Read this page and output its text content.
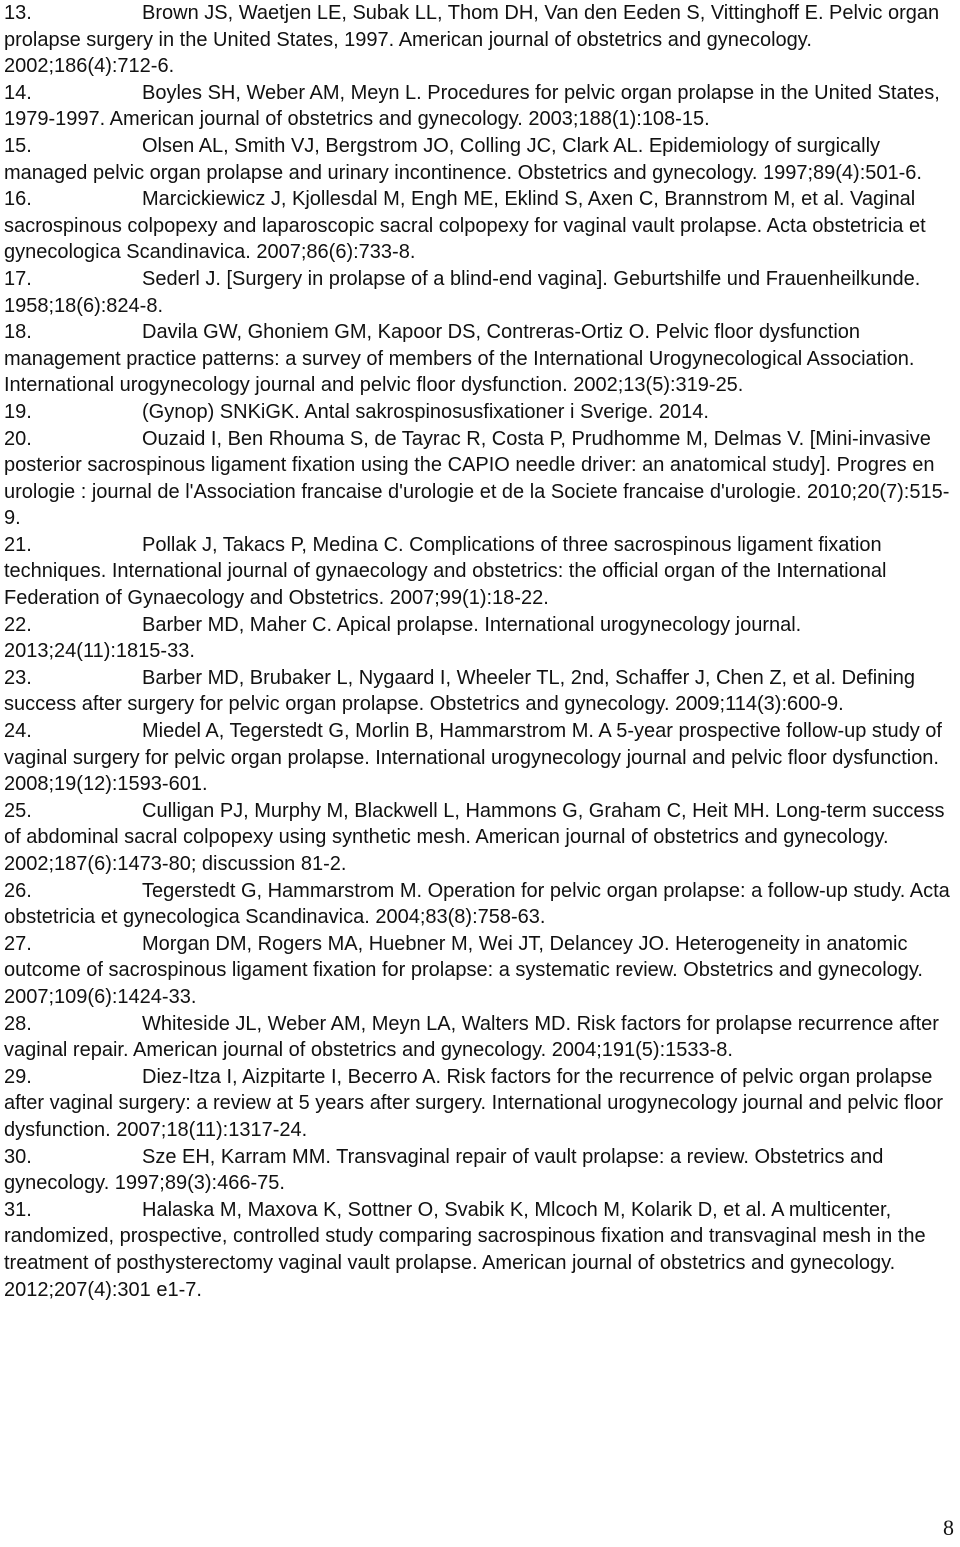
13.	Brown JS, Waetjen LE, Subak LL, Thom DH, Van den Eeden S, Vittinghoff E. Pelvic organ prolapse surgery in the United States, 1997. American journal of obstetrics and gynecology. 2002;186(4):712-6.

14.	Boyles SH, Weber AM, Meyn L. Procedures for pelvic organ prolapse in the United States, 1979-1997. American journal of obstetrics and gynecology. 2003;188(1):108-15.

15.	Olsen AL, Smith VJ, Bergstrom JO, Colling JC, Clark AL. Epidemiology of surgically managed pelvic organ prolapse and urinary incontinence. Obstetrics and gynecology. 1997;89(4):501-6.

16.	Marcickiewicz J, Kjollesdal M, Engh ME, Eklind S, Axen C, Brannstrom M, et al. Vaginal sacrospinous colpopexy and laparoscopic sacral colpopexy for vaginal vault prolapse. Acta obstetricia et gynecologica Scandinavica. 2007;86(6):733-8.

17.	Sederl J. [Surgery in prolapse of a blind-end vagina]. Geburtshilfe und Frauenheilkunde. 1958;18(6):824-8.

18.	Davila GW, Ghoniem GM, Kapoor DS, Contreras-Ortiz O. Pelvic floor dysfunction management practice patterns: a survey of members of the International Urogynecological Association. International urogynecology journal and pelvic floor dysfunction. 2002;13(5):319-25.

19.	(Gynop) SNKiGK. Antal sakrospinosusfixationer i Sverige. 2014.

20.	Ouzaid I, Ben Rhouma S, de Tayrac R, Costa P, Prudhomme M, Delmas V. [Mini-invasive posterior sacrospinous ligament fixation using the CAPIO needle driver: an anatomical study]. Progres en urologie : journal de l'Association francaise d'urologie et de la Societe francaise d'urologie. 2010;20(7):515-9.

21.	Pollak J, Takacs P, Medina C. Complications of three sacrospinous ligament fixation techniques. International journal of gynaecology and obstetrics: the official organ of the International Federation of Gynaecology and Obstetrics. 2007;99(1):18-22.

22.	Barber MD, Maher C. Apical prolapse. International urogynecology journal. 2013;24(11):1815-33.

23.	Barber MD, Brubaker L, Nygaard I, Wheeler TL, 2nd, Schaffer J, Chen Z, et al. Defining success after surgery for pelvic organ prolapse. Obstetrics and gynecology. 2009;114(3):600-9.

24.	Miedel A, Tegerstedt G, Morlin B, Hammarstrom M. A 5-year prospective follow-up study of vaginal surgery for pelvic organ prolapse. International urogynecology journal and pelvic floor dysfunction. 2008;19(12):1593-601.

25.	Culligan PJ, Murphy M, Blackwell L, Hammons G, Graham C, Heit MH. Long-term success of abdominal sacral colpopexy using synthetic mesh. American journal of obstetrics and gynecology. 2002;187(6):1473-80; discussion 81-2.

26.	Tegerstedt G, Hammarstrom M. Operation for pelvic organ prolapse: a follow-up study. Acta obstetricia et gynecologica Scandinavica. 2004;83(8):758-63.

27.	Morgan DM, Rogers MA, Huebner M, Wei JT, Delancey JO. Heterogeneity in anatomic outcome of sacrospinous ligament fixation for prolapse: a systematic review. Obstetrics and gynecology. 2007;109(6):1424-33.

28.	Whiteside JL, Weber AM, Meyn LA, Walters MD. Risk factors for prolapse recurrence after vaginal repair. American journal of obstetrics and gynecology. 2004;191(5):1533-8.

29.	Diez-Itza I, Aizpitarte I, Becerro A. Risk factors for the recurrence of pelvic organ prolapse after vaginal surgery: a review at 5 years after surgery. International urogynecology journal and pelvic floor dysfunction. 2007;18(11):1317-24.

30.	Sze EH, Karram MM. Transvaginal repair of vault prolapse: a review. Obstetrics and gynecology. 1997;89(3):466-75.

31.	Halaska M, Maxova K, Sottner O, Svabik K, Mlcoch M, Kolarik D, et al. A multicenter, randomized, prospective, controlled study comparing sacrospinous fixation and transvaginal mesh in the treatment of posthysterectomy vaginal vault prolapse. American journal of obstetrics and gynecology. 2012;207(4):301 e1-7.

8
